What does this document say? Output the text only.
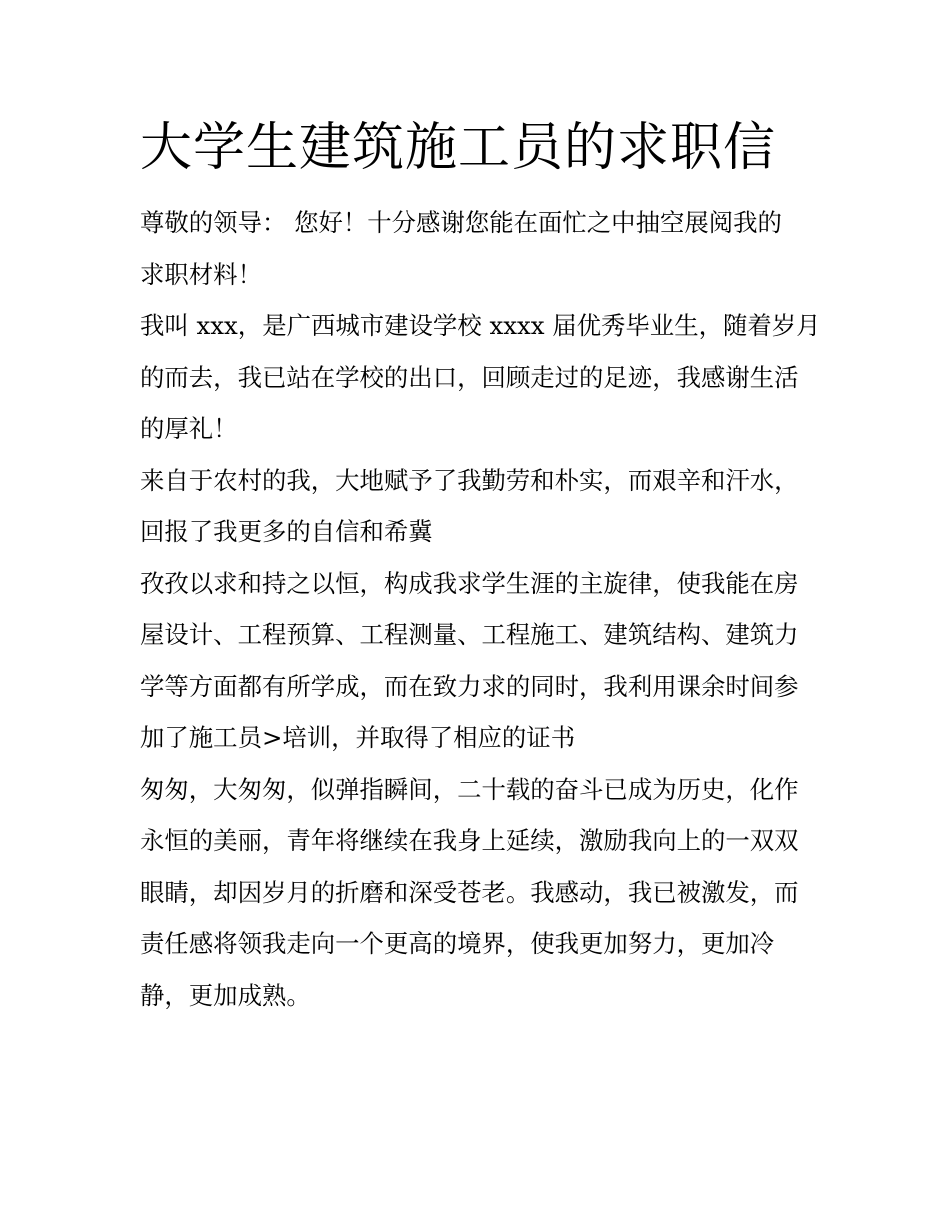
大学生建筑施工员的求职信
尊敬的领导： 您好！十分感谢您能在面忙之中抽空展阅我的
求职材料！
我叫 xxx，是广西城市建设学校 xxxx 届优秀毕业生，随着岁月
的而去，我已站在学校的出口，回顾走过的足迹，我感谢生活
的厚礼！
来自于农村的我，大地赋予了我勤劳和朴实，而艰辛和汗水，
回报了我更多的自信和希冀
孜孜以求和持之以恒，构成我求学生涯的主旋律，使我能在房
屋设计、工程预算、工程测量、工程施工、建筑结构、建筑力
学等方面都有所学成，而在致力求的同时，我利用课余时间参
加了施工员>培训，并取得了相应的证书
匆匆，大匆匆，似弹指瞬间，二十载的奋斗已成为历史，化作
永恒的美丽，青年将继续在我身上延续，激励我向上的一双双
眼睛，却因岁月的折磨和深受苍老。我感动，我已被激发，而
责任感将领我走向一个更高的境界，使我更加努力，更加冷
静，更加成熟。
